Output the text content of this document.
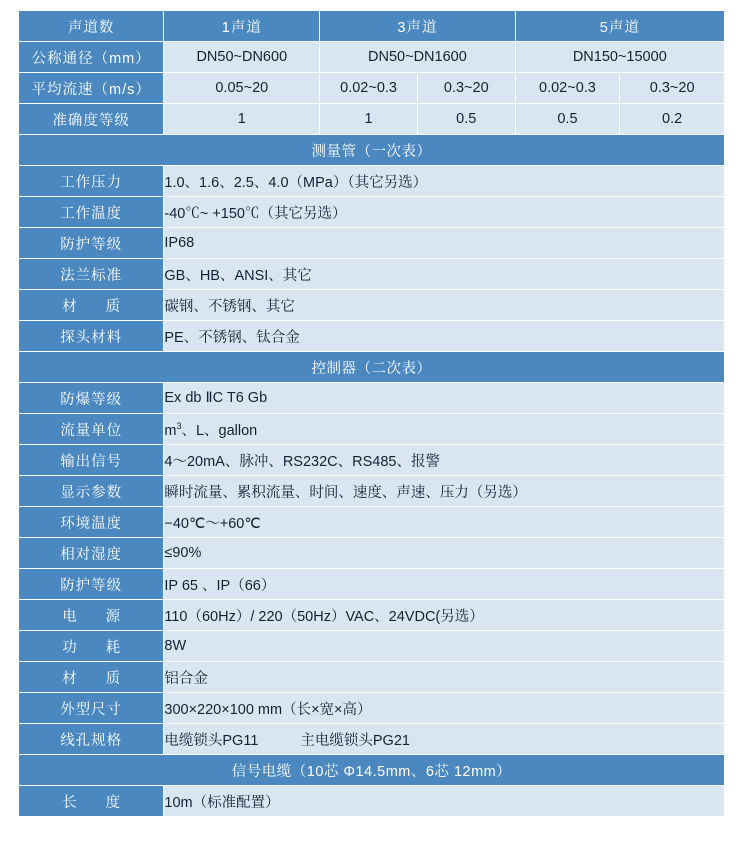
声道数	1声道	3声道		5声道	
公称通径（mm）	DN50~DN600	DN50~DN1600		DN150~15000	
平均流速（m/s）	0.05~20	0.02~0.3	0.3~20	0.02~0.3	0.3~20
准确度等级	1	1	0.5	0.5	0.2
测量管（一次表）					
工作压力	1.0、1.6、2.5、4.0（MPa）（其它另选）				
工作温度	-40℃~ +150℃（其它另选）				
防护等级	IP68				
法兰标准	GB、HB、ANSI、其它				
材　　质	碳钢、不锈钢、其它				
探头材料	PE、不锈钢、钛合金				
控制器（二次表）					
防爆等级	Ex db ⅡC T6 Gb				
流量单位	$m^3$、L、gallon				
输出信号	4～20mA、脉冲、RS232C、RS485、报警				
显示参数	瞬时流量、累积流量、时间、速度、声速、压力（另选）				
环境温度	−40℃～+60℃				
相对湿度	≤90%				
防护等级	IP 65 、IP（66）				
电　　源	110（60Hz）/ 220（50Hz）VAC、24VDC(另选）				
功　　耗	8W				
材　　质	铝合金				
外型尺寸	300×220×100 mm（长×宽×高）				
线孔规格	电缆锁头PG11 主电缆锁头PG21				
信号电缆（10芯 Φ14.5mm、6芯 12mm）					
长　　度	10m（标准配置）				
